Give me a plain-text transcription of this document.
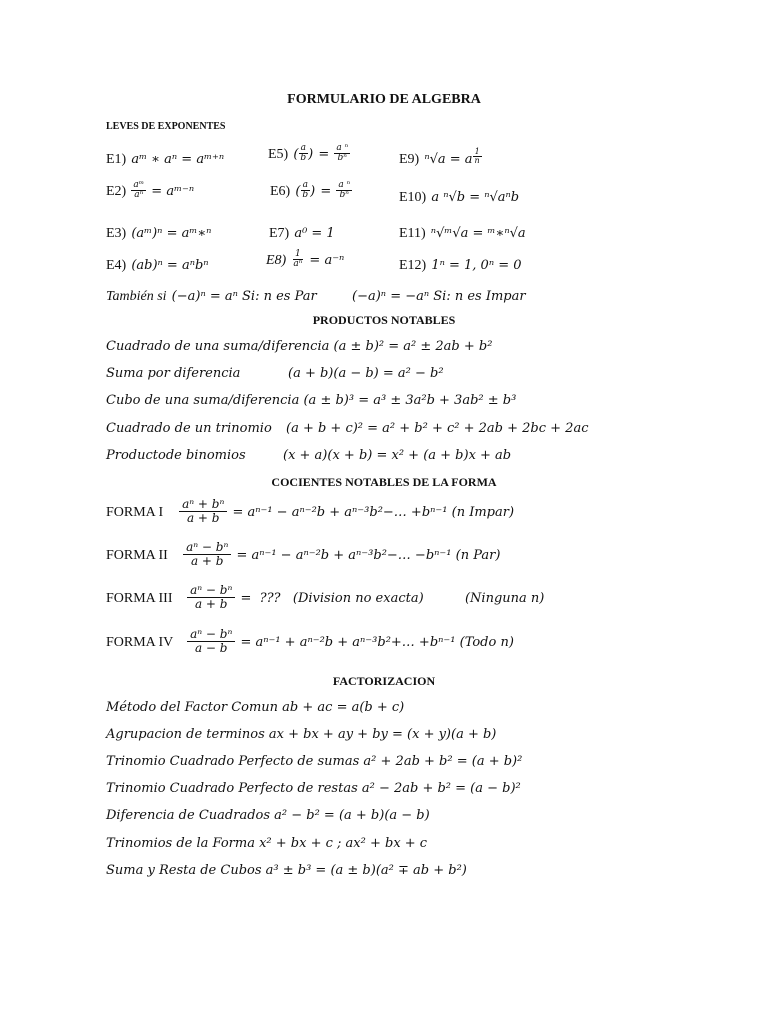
FORMULARIO DE ALGEBRA
LEVES DE EXPONENTES
E1) aᵐ ∗ aⁿ = aᵐ⁺ⁿ
$E2) \frac{\text{aᵐ}}{\text{aⁿ}}$ = aᵐ⁻ⁿ
E3) (aᵐ)ⁿ = aᵐ∗ⁿ
E4) (ab)ⁿ = aⁿbⁿ
E5) ( $\frac{a}{b}$ ) = $\frac{\text{a ⁿ}}{\text{bⁿ}}$
E6) ( $\frac{a}{b}$ ) = $\frac{\text{a ⁿ}}{\text{bⁿ}}$
E7) a⁰ = 1
$E8) \frac{1}{\text{aⁿ}} = a^{-n}$
E9) ⁿ√a = a $\frac{1}{n}$
E10) a ⁿ√b = ⁿ√aⁿb
E11) ⁿ√ᵐ√a = ᵐ∗ⁿ√a
E12) 1ⁿ = 1, 0ⁿ = 0
También si (−a)ⁿ = aⁿ Si: n es Par	(−a)ⁿ = −aⁿ Si: n es Impar
PRODUCTOS NOTABLES
Cuadrado de una suma/diferencia (a ± b)² = a² ± 2ab + b²
Suma por diferencia	(a + b)(a − b) = a² − b²
Cubo de una suma/diferencia (a ± b)³ = a³ ± 3a²b + 3ab² ± b³
Cuadrado de un trinomio (a + b + c)² = a² + b² + c² + 2ab + 2bc + 2ac
Productode binomios	(x + a)(x + b) = x² + (a + b)x + ab
COCIENTES NOTABLES DE LA FORMA
FORMA I $\frac{\text{aⁿ + bⁿ}}{a + b} = a^{n-1} - a^{n-2}b$ + aⁿ⁻³b²−… +bⁿ⁻¹ (n Impar)
FORMA II $\frac{\text{aⁿ − bⁿ}}{a + b} = a^{n-1} - a^{n-2}b$ + aⁿ⁻³b²−… −bⁿ⁻¹ (n Par)
FORMA III $\frac{\text{aⁿ − bⁿ}}{a + b}$ =  ???   (Division no exacta)          (Ninguna n)
FORMA IV $\frac{\text{aⁿ − bⁿ}}{a - b} = a^{n-1} + a^{n-2}b$ + aⁿ⁻³b²+… +bⁿ⁻¹ (Todo n)
FACTORIZACION
Método del Factor Comun ab + ac = a(b + c)
Agrupacion de terminos ax + bx + ay + by = (x + y)(a + b)
Trinomio Cuadrado Perfecto de sumas a² + 2ab + b² = (a + b)²
Trinomio Cuadrado Perfecto de restas a² − 2ab + b² = (a − b)²
Diferencia de Cuadrados a² − b² = (a + b)(a − b)
Trinomios de la Forma x² + bx + c ; ax² + bx + c
Suma y Resta de Cubos a³ ± b³ = (a ± b)(a² ∓ ab + b²)
